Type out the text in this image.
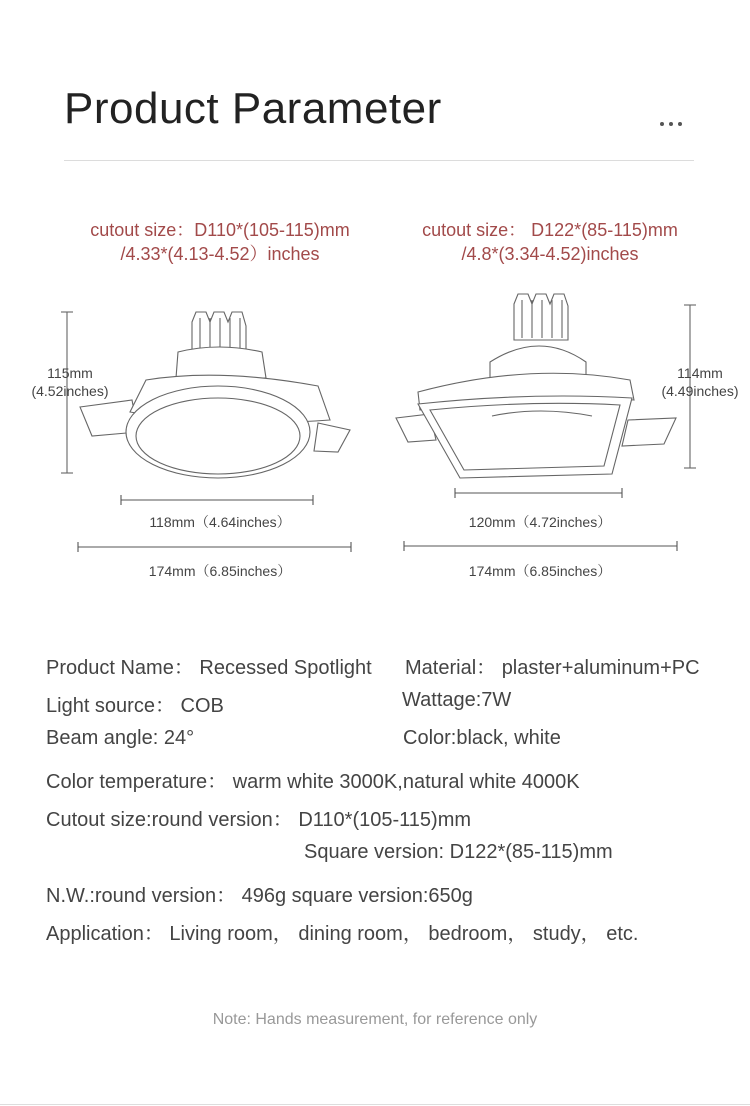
Product Parameter
cutout size：D110*(105-115)mm
/4.33*(4.13-4.52）inches
cutout size： D122*(85-115)mm
/4.8*(3.34-4.52)inches
115mm
(4.52inches)
118mm（4.64inches）
174mm（6.85inches）
114mm
(4.49inches)
120mm（4.72inches）
174mm（6.85inches）
Product Name： Recessed Spotlight Material： plaster+aluminum+PC
Light source： COB	Wattage:7W
Beam angle: 24°	Color:black, white
Color temperature： warm white 3000K,natural white 4000K
Cutout size:round version： D110*(105-115)mm
Square version: D122*(85-115)mm
N.W.:round version： 496g square version:650g
Application： Living room， dining room， bedroom， study， etc.
Note: Hands measurement, for reference only
